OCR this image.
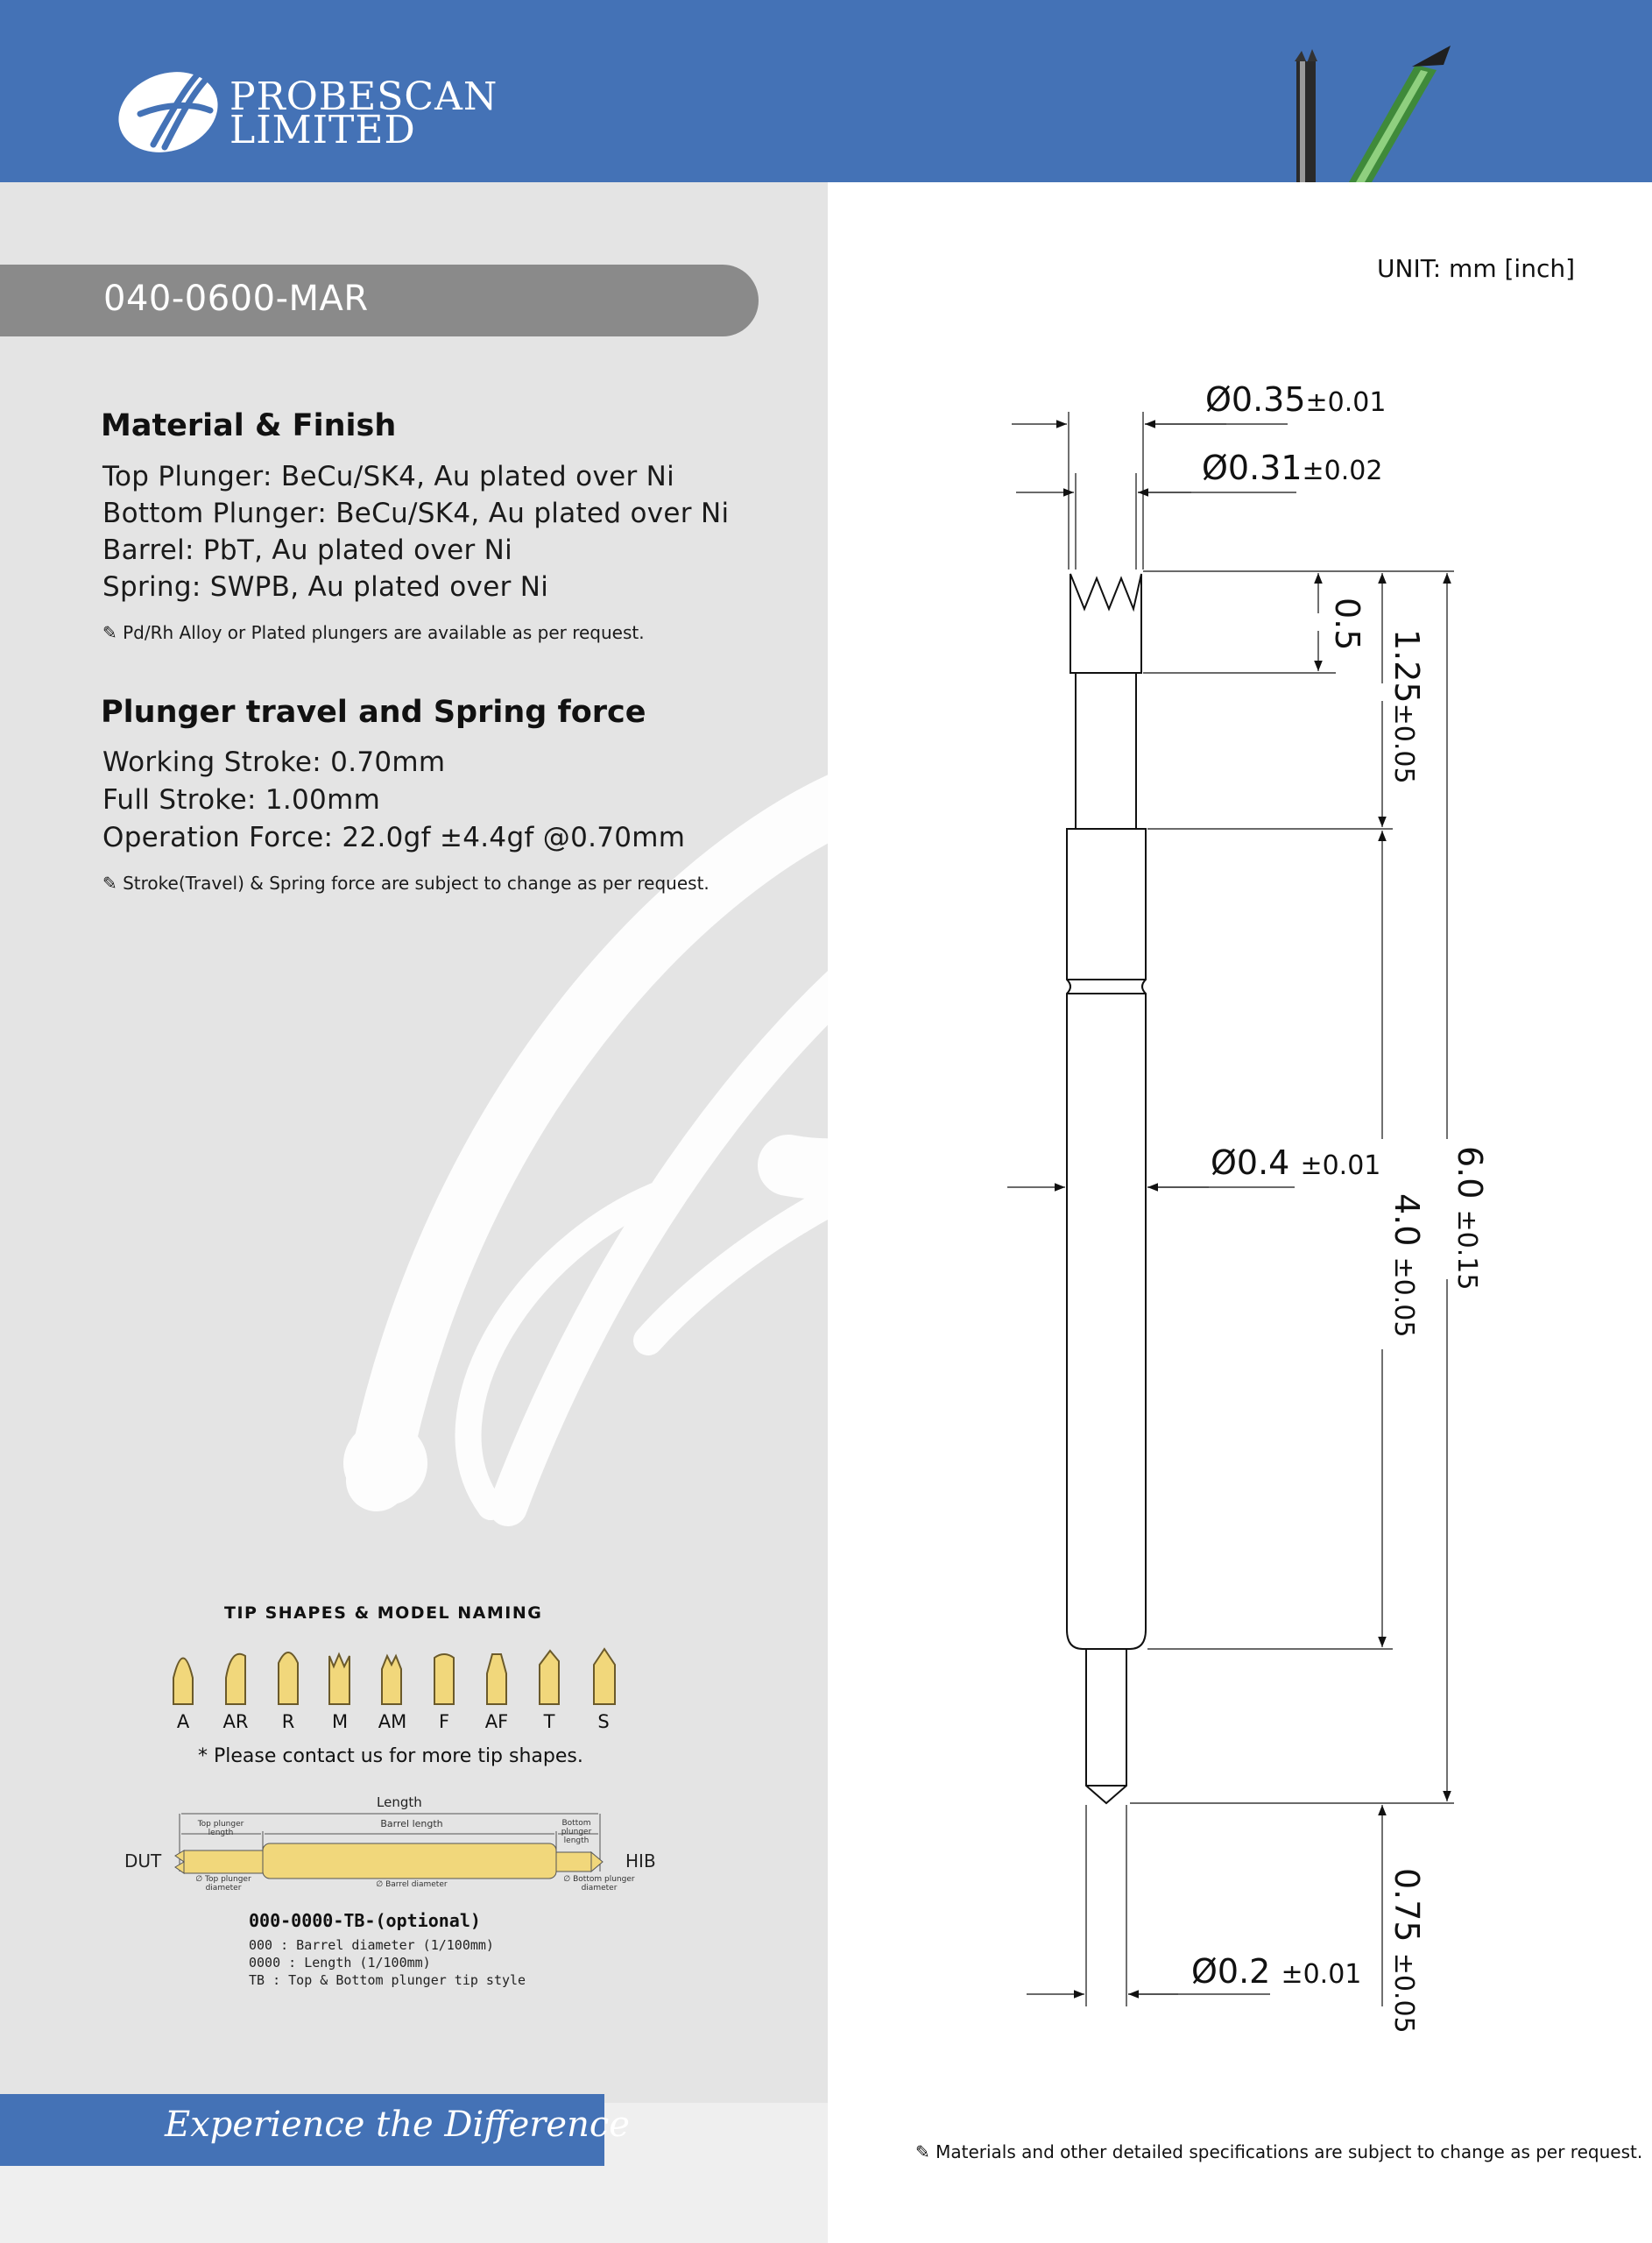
PROBESCAN
LIMITED
040-0600-MAR
UNIT: mm [inch]
Material & Finish
Top Plunger: BeCu/SK4, Au plated over Ni
Bottom Plunger: BeCu/SK4, Au plated over Ni
Barrel: PbT, Au plated over Ni
Spring: SWPB, Au plated over Ni
✎ Pd/Rh Alloy or Plated plungers are available as per request.
Plunger travel and Spring force
Working Stroke: 0.70mm
Full Stroke: 1.00mm
Operation Force: 22.0gf ±4.4gf @0.70mm
✎ Stroke(Travel) & Spring force are subject to change as per request.
TIP SHAPES & MODEL NAMING
A	AR	R	M	AM	F	AF	T	S
* Please contact us for more tip shapes.
Length
Top plunger length
Barrel length	Bottom plunger length
DUT	HIB
∅ Top plunger diameter	∅ Barrel diameter
∅ Bottom plunger diameter
000-0000-TB-(optional)
000 : Barrel diameter (1/100mm)
0000 : Length (1/100mm)
TB : Top & Bottom plunger tip style
Experience the Difference
✎ Materials and other detailed specifications are subject to change as per request.
Ø0.35±0.01
Ø0.31±0.02
Ø0.4 ±0.01
Ø0.2 ±0.01
0.5
1.25±0.05
4.0 ±0.05
6.0 ±0.15
0.75 ±0.05
